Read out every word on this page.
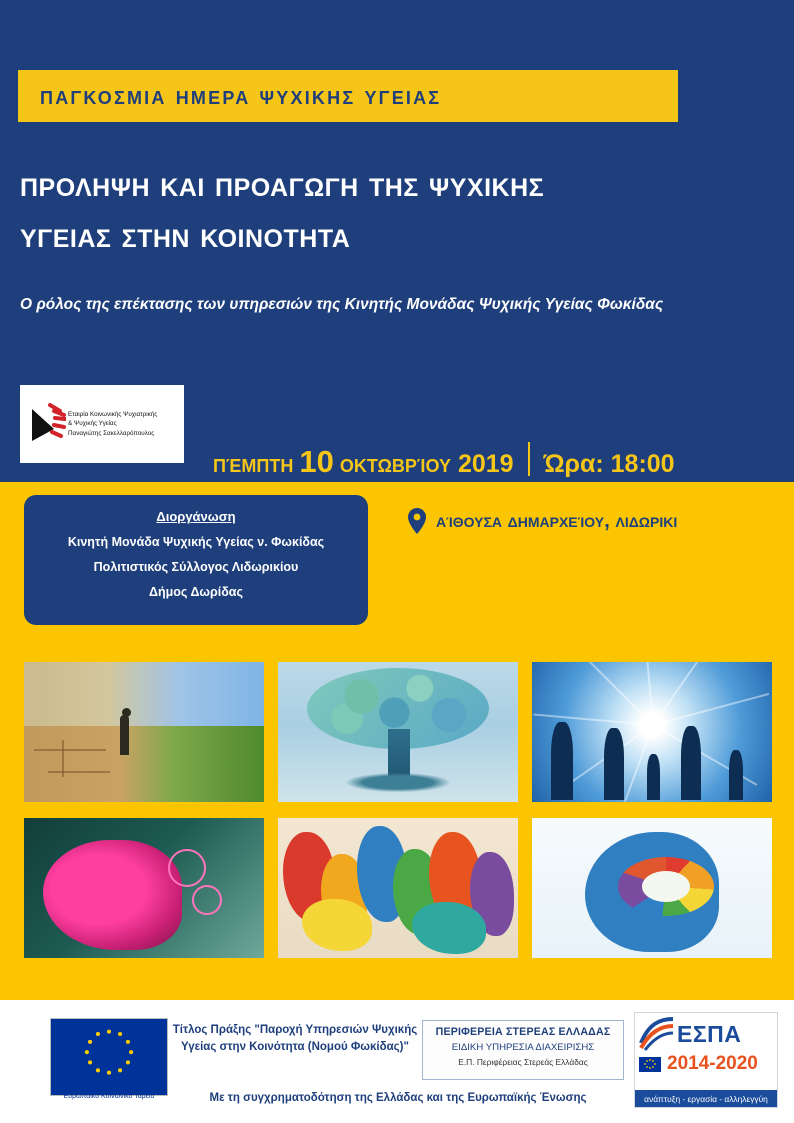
παγκοσμια ημερα ψυχικης υγειας
προληψη και προαγωγη της ψυχικης
υγειας στην κοινοτητα
Ο ρόλος της επέκτασης των υπηρεσιών της Κινητής Μονάδας Ψυχικής Υγείας Φωκίδας
Εταιρία Κοινωνικής Ψυχιατρικής
& Ψυχικής Υγείας
Παναγιώτης Σακελλαρόπουλος
πέμπτη 10 οκτωβρίου 2019 Ώρα: 18:00
Διοργάνωση
Κινητή Μονάδα Ψυχικής Υγείας ν. Φωκίδας
Πολιτιστικός Σύλλογος Λιδωρικίου
Δήμος Δωρίδας
αίθουσα δημαρχείου, λιδωρικι
Ευρωπαϊκή Ένωση
Ευρωπαϊκό Κοινωνικό Ταμείο
Τίτλος Πράξης "Παροχή Υπηρεσιών Ψυχικής Υγείας στην Κοινότητα (Νομού Φωκίδας)"
Με τη συγχρηματοδότηση της Ελλάδας και της Ευρωπαϊκής Ένωσης
ΠΕΡΙΦΕΡΕΙΑ ΣΤΕΡΕΑΣ ΕΛΛΑΔΑΣ
ΕΙΔΙΚΗ ΥΠΗΡΕΣΙΑ ΔΙΑΧΕΙΡΙΣΗΣ
Ε.Π. Περιφέρειας Στερεάς Ελλάδας
ΕΣΠΑ
2014-2020
ανάπτυξη - εργασία - αλληλεγγύη
